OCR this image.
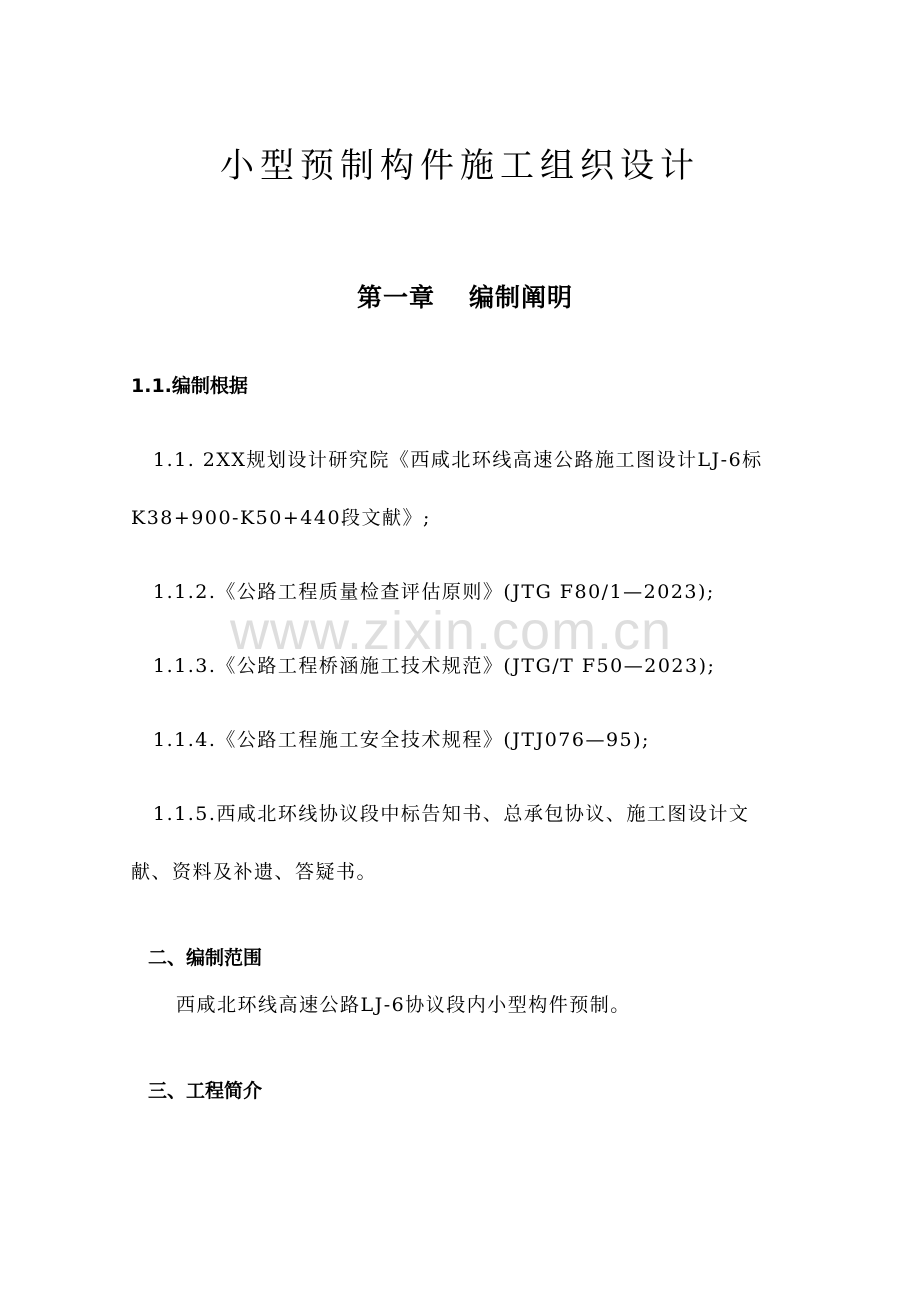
www.zixin.com.cn
小型预制构件施工组织设计
第一章 编制阐明
1.1.编制根据
1.1. 2XX规划设计研究院《西咸北环线高速公路施工图设计LJ-6标
K38+900-K50+440段文献》;
1.1.2.《公路工程质量检查评估原则》(JTG F80/1—2023);
1.1.3.《公路工程桥涵施工技术规范》(JTG/T F50—2023);
1.1.4.《公路工程施工安全技术规程》(JTJ076—95);
1.1.5.西咸北环线协议段中标告知书、总承包协议、施工图设计文
献、资料及补遗、答疑书。
二、编制范围
西咸北环线高速公路LJ-6协议段内小型构件预制。
三、工程简介
